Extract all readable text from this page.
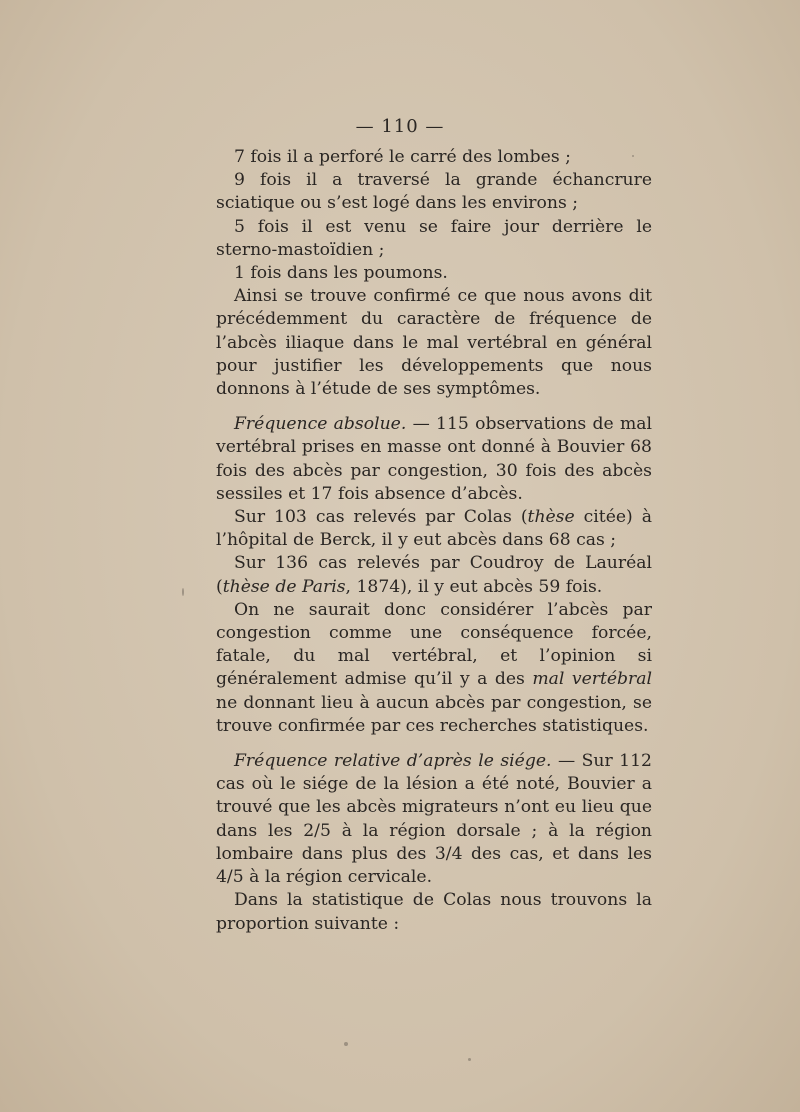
— 110 —

7 fois il a perforé le carré des lombes ;

9 fois il a traversé la grande échancrure sciatique ou s’est logé dans les environs ;

5 fois il est venu se faire jour derrière le sterno-mastoïdien ;

1 fois dans les poumons.

Ainsi se trouve confirmé ce que nous avons dit précédemment du caractère de fréquence de l’abcès iliaque dans le mal vertébral en général pour justifier les développements que nous donnons à l’étude de ses symptômes.

Fréquence absolue. — 115 observations de mal vertébral prises en masse ont donné à Bouvier 68 fois des abcès par congestion, 30 fois des abcès sessiles et 17 fois absence d’abcès.

Sur 103 cas relevés par Colas (thèse citée) à l’hôpital de Berck, il y eut abcès dans 68 cas ;

Sur 136 cas relevés par Coudroy de Lauréal (thèse de Paris, 1874), il y eut abcès 59 fois.

On ne saurait donc considérer l’abcès par congestion comme une conséquence forcée, fatale, du mal vertébral, et l’opinion si généralement admise qu’il y a des mal vertébral ne donnant lieu à aucun abcès par congestion, se trouve confirmée par ces recherches statistiques.

Fréquence relative d’après le siége. — Sur 112 cas où le siége de la lésion a été noté, Bouvier a trouvé que les abcès migrateurs n’ont eu lieu que dans les 2/5 à la région dorsale ; à la région lombaire dans plus des 3/4 des cas, et dans les 4/5 à la région cervicale.

Dans la statistique de Colas nous trouvons la proportion suivante :
